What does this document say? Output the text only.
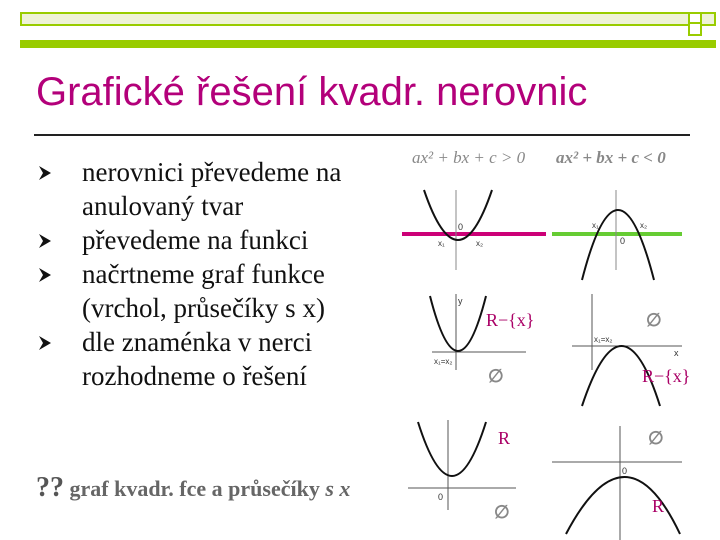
Grafické řešení kvadr. nerovnic
nerovnici převedeme na anulovaný tvar
převedeme na funkci
načrtneme graf funkce (vrchol, průsečíky s x)
dle znaménka v nerci rozhodneme o řešení
?? graf kvadr. fce a průsečíky s x
ax² + bx + c > 0 ax² + bx + c < 0
x₁	x₂
0	x₁	x₂
0
y
x₁=x₂
x₁=x₂
x
0
0
R−{x}	∅
∅	R−{x}
R	∅
∅	R
